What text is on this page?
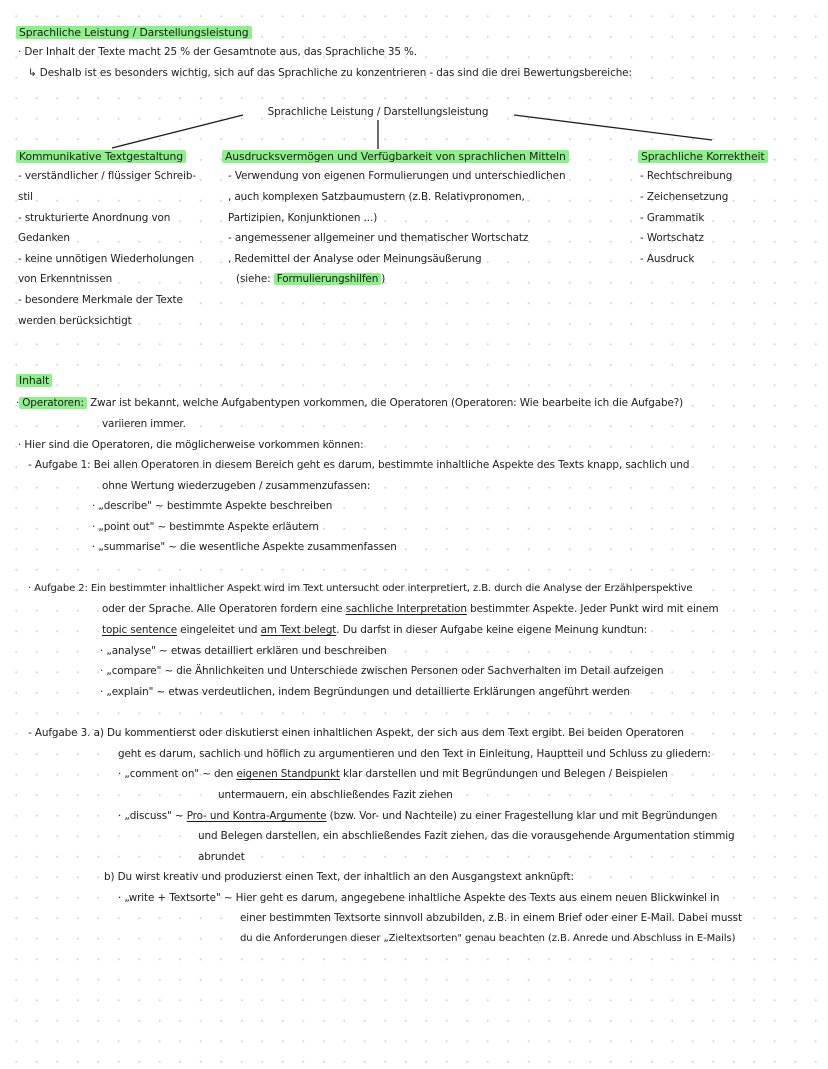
Sprachliche Leistung / Darstellungsleistung
· Der Inhalt der Texte macht 25 % der Gesamtnote aus, das Sprachliche 35 %.
↳ Deshalb ist es besonders wichtig, sich auf das Sprachliche zu konzentrieren - das sind die drei Bewertungsbereiche:
Sprachliche Leistung / Darstellungsleistung
Kommunikative Textgestaltung
- verständlicher / flüssiger Schreib-
stil
- strukturierte Anordnung von
Gedanken
- keine unnötigen Wiederholungen
von Erkenntnissen
- besondere Merkmale der Texte
werden berücksichtigt
Ausdrucksvermögen und Verfügbarkeit von sprachlichen Mitteln
- Verwendung von eigenen Formulierungen und unterschiedlichen
, auch komplexen Satzbaumustern (z.B. Relativpronomen,
Partizipien, Konjunktionen ...)
- angemessener allgemeiner und thematischer Wortschatz
, Redemittel der Analyse oder Meinungsäußerung
(siehe: Formulierungshilfen )
Sprachliche Korrektheit
- Rechtschreibung
- Zeichensetzung
- Grammatik
- Wortschatz
- Ausdruck
Inhalt
· Operatoren: Zwar ist bekannt, welche Aufgabentypen vorkommen, die Operatoren (Operatoren: Wie bearbeite ich die Aufgabe?)
variieren immer.
· Hier sind die Operatoren, die möglicherweise vorkommen können:
- Aufgabe 1: Bei allen Operatoren in diesem Bereich geht es darum, bestimmte inhaltliche Aspekte des Texts knapp, sachlich und
ohne Wertung wiederzugeben / zusammenzufassen:
· „describe" ~ bestimmte Aspekte beschreiben
· „point out" ~ bestimmte Aspekte erläutern
· „summarise" ~ die wesentliche Aspekte zusammenfassen
· Aufgabe 2: Ein bestimmter inhaltlicher Aspekt wird im Text untersucht oder interpretiert, z.B. durch die Analyse der Erzählperspektive
oder der Sprache. Alle Operatoren fordern eine sachliche Interpretation bestimmter Aspekte. Jeder Punkt wird mit einem
topic sentence eingeleitet und am Text belegt. Du darfst in dieser Aufgabe keine eigene Meinung kundtun:
· „analyse" ~ etwas detailliert erklären und beschreiben
· „compare" ~ die Ähnlichkeiten und Unterschiede zwischen Personen oder Sachverhalten im Detail aufzeigen
· „explain" ~ etwas verdeutlichen, indem Begründungen und detaillierte Erklärungen angeführt werden
- Aufgabe 3. a) Du kommentierst oder diskutierst einen inhaltlichen Aspekt, der sich aus dem Text ergibt. Bei beiden Operatoren
geht es darum, sachlich und höflich zu argumentieren und den Text in Einleitung, Hauptteil und Schluss zu gliedern:
· „comment on" ~ den eigenen Standpunkt klar darstellen und mit Begründungen und Belegen / Beispielen
untermauern, ein abschließendes Fazit ziehen
· „discuss" ~ Pro- und Kontra-Argumente (bzw. Vor- und Nachteile) zu einer Fragestellung klar und mit Begründungen
und Belegen darstellen, ein abschließendes Fazit ziehen, das die vorausgehende Argumentation stimmig
abrundet
b) Du wirst kreativ und produzierst einen Text, der inhaltlich an den Ausgangstext anknüpft:
· „write + Textsorte" ~ Hier geht es darum, angegebene inhaltliche Aspekte des Texts aus einem neuen Blickwinkel in
einer bestimmten Textsorte sinnvoll abzubilden, z.B. in einem Brief oder einer E-Mail. Dabei musst
du die Anforderungen dieser „Zieltextsorten" genau beachten (z.B. Anrede und Abschluss in E-Mails)
